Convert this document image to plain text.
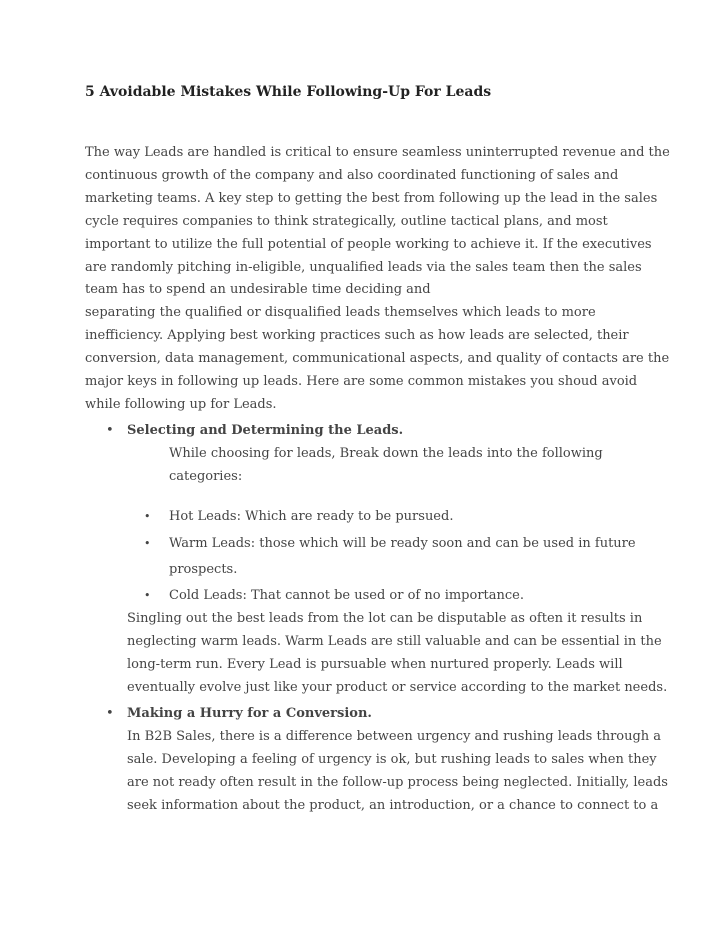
5 Avoidable Mistakes While Following-Up For Leads
The way Leads are handled is critical to ensure seamless uninterrupted revenue and the
continuous growth of the company and also coordinated functioning of sales and
marketing teams. A key step to getting the best from following up the lead in the sales
cycle requires companies to think strategically, outline tactical plans, and most
important to utilize the full potential of people working to achieve it. If the executives
are randomly pitching in-eligible, unqualified leads via the sales team then the sales
team has to spend an undesirable time deciding and
separating the qualified or disqualified leads themselves which leads to more
inefficiency. Applying best working practices such as how leads are selected, their
conversion, data management, communicational aspects, and quality of contacts are the
major keys in following up leads. Here are some common mistakes you shoud avoid
while following up for Leads.
• Selecting and Determining the Leads.
While choosing for leads, Break down the leads into the following
categories:
• Hot Leads: Which are ready to be pursued.
• Warm Leads: those which will be ready soon and can be used in future
prospects.
• Cold Leads: That cannot be used or of no importance.
Singling out the best leads from the lot can be disputable as often it results in
neglecting warm leads. Warm Leads are still valuable and can be essential in the
long-term run. Every Lead is pursuable when nurtured properly. Leads will
eventually evolve just like your product or service according to the market needs.
• Making a Hurry for a Conversion.
In B2B Sales, there is a difference between urgency and rushing leads through a
sale. Developing a feeling of urgency is ok, but rushing leads to sales when they
are not ready often result in the follow-up process being neglected. Initially, leads
seek information about the product, an introduction, or a chance to connect to a
